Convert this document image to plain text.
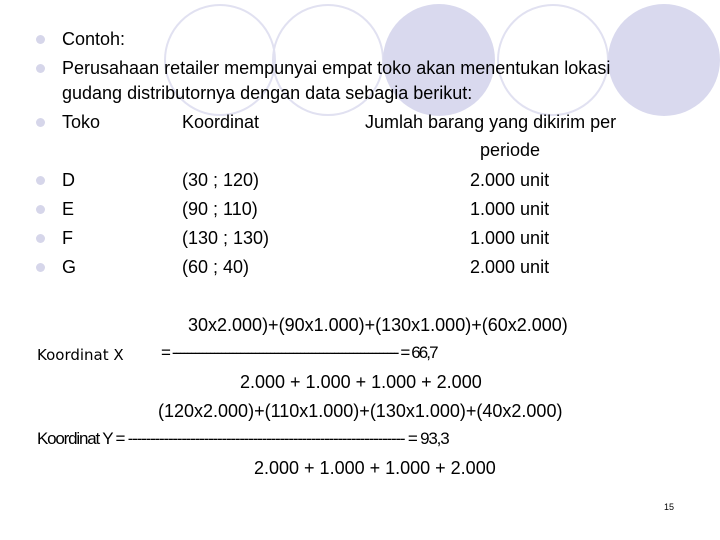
Contoh:
Perusahaan retailer mempunyai empat toko akan menentukan lokasi
gudang distributornya dengan data sebagia berikut:
Toko	Koordinat	Jumlah barang yang dikirim per
periode
D	(30 ; 120)	2.000 unit
E	(90 ; 110)	1.000 unit
F	(130 ; 130)	1.000 unit
G	(60 ; 40)	2.000 unit
30x2.000)+(90x1.000)+(130x1.000)+(60x2.000)
Koordinat X = ------------------------------------------------------------ = 66,7
2.000 + 1.000 + 1.000 + 2.000
(120x2.000)+(110x1.000)+(130x1.000)+(40x2.000)
Koordinat Y = -------------------------------------------------------------- = 93,3
2.000 + 1.000 + 1.000 + 2.000
15
